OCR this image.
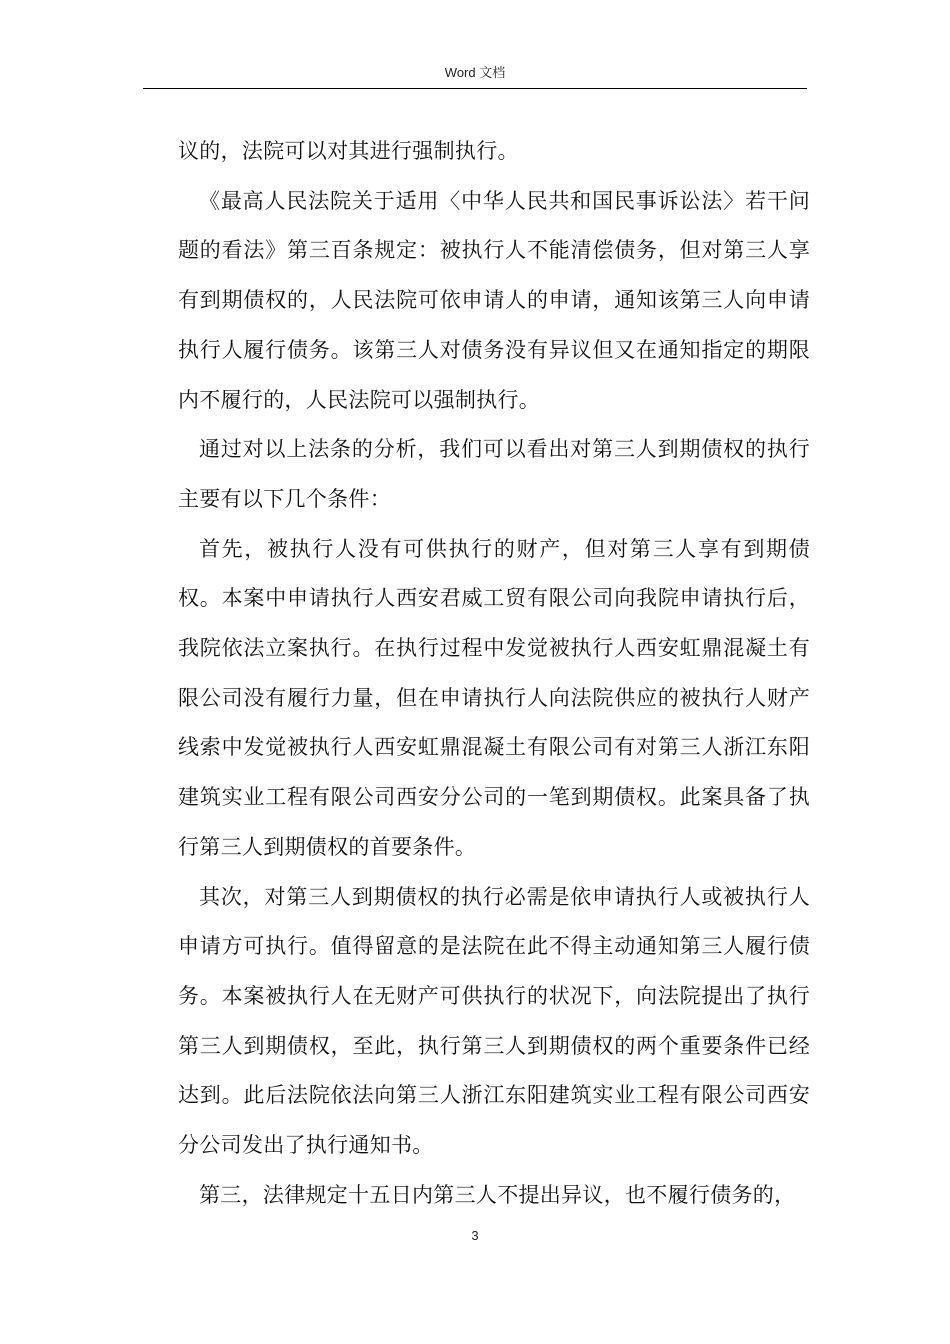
Word 文档

议的，法院可以对其进行强制执行。

《最高人民法院关于适用〈中华人民共和国民事诉讼法〉若干问题的看法》第三百条规定：被执行人不能清偿债务，但对第三人享有到期债权的，人民法院可依申请人的申请，通知该第三人向申请执行人履行债务。该第三人对债务没有异议但又在通知指定的期限内不履行的，人民法院可以强制执行。

通过对以上法条的分析，我们可以看出对第三人到期债权的执行主要有以下几个条件：

首先，被执行人没有可供执行的财产，但对第三人享有到期债权。本案中申请执行人西安君威工贸有限公司向我院申请执行后，我院依法立案执行。在执行过程中发觉被执行人西安虹鼎混凝土有限公司没有履行力量，但在申请执行人向法院供应的被执行人财产线索中发觉被执行人西安虹鼎混凝土有限公司有对第三人浙江东阳建筑实业工程有限公司西安分公司的一笔到期债权。此案具备了执行第三人到期债权的首要条件。

其次，对第三人到期债权的执行必需是依申请执行人或被执行人申请方可执行。值得留意的是法院在此不得主动通知第三人履行债务。本案被执行人在无财产可供执行的状况下，向法院提出了执行第三人到期债权，至此，执行第三人到期债权的两个重要条件已经达到。此后法院依法向第三人浙江东阳建筑实业工程有限公司西安分公司发出了执行通知书。

第三，法律规定十五日内第三人不提出异议，也不履行债务的，

3
